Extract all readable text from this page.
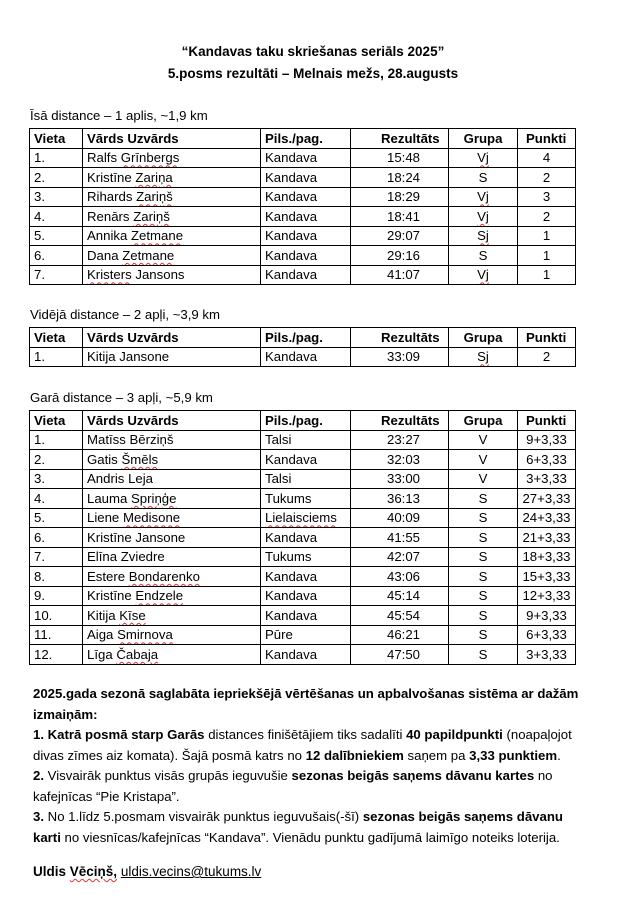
“Kandavas taku skriešanas seriāls 2025”
5.posms rezultāti – Melnais mežs, 28.augusts
Īsā distance – 1 aplis, ~1,9 km
Vieta	Vārds Uzvārds	Pils./pag.	Rezultāts	Grupa	Punkti
1.	Ralfs Grīnbergs	Kandava	15:48	Vj	4
2.	Kristīne Zariņa	Kandava	18:24	S	2
3.	Rihards Zariņš	Kandava	18:29	Vj	3
4.	Renārs Zariņš	Kandava	18:41	Vj	2
5.	Annika Zetmane	Kandava	29:07	Sj	1
6.	Dana Zetmane	Kandava	29:16	S	1
7.	Kristers Jansons	Kandava	41:07	Vj	1
Vidējā distance – 2 apļi, ~3,9 km
Vieta	Vārds Uzvārds	Pils./pag.	Rezultāts	Grupa	Punkti
1.	Kitija Jansone	Kandava	33:09	Sj	2
Garā distance – 3 apļi, ~5,9 km
Vieta	Vārds Uzvārds	Pils./pag.	Rezultāts	Grupa	Punkti
1.	Matīss Bērziņš	Talsi	23:27	V	9+3,33
2.	Gatis Šmēls	Kandava	32:03	V	6+3,33
3.	Andris Leja	Talsi	33:00	V	3+3,33
4.	Lauma Spriņģe	Tukums	36:13	S	27+3,33
5.	Liene Medisone	Lielaisciems	40:09	S	24+3,33
6.	Kristīne Jansone	Kandava	41:55	S	21+3,33
7.	Elīna Zviedre	Tukums	42:07	S	18+3,33
8.	Estere Bondarenko	Kandava	43:06	S	15+3,33
9.	Kristīne Endzele	Kandava	45:14	S	12+3,33
10.	Kitija Kīse	Kandava	45:54	S	9+3,33
11.	Aiga Smirnova	Pūre	46:21	S	6+3,33
12.	Līga Čabaja	Kandava	47:50	S	3+3,33

2025.gada sezonā saglabāta iepriekšējā vērtēšanas un apbalvošanas sistēma ar dažām izmaiņām:

1. Katrā posmā starp Garās distances finišētājiem tiks sadalīti 40 papildpunkti (noapaļojot divas zīmes aiz komata). Šajā posmā katrs no 12 dalībniekiem saņem pa 3,33 punktiem.

2. Visvairāk punktus visās grupās ieguvušie sezonas beigās saņems dāvanu kartes no kafejnīcas “Pie Kristapa”.

3. No 1.līdz 5.posmam visvairāk punktus ieguvušais(-šī) sezonas beigās saņems dāvanu karti no viesnīcas/kafejnīcas “Kandava”. Vienādu punktu gadījumā laimīgo noteiks loterija.

Uldis Vēciņš, uldis.vecins@tukums.lv
